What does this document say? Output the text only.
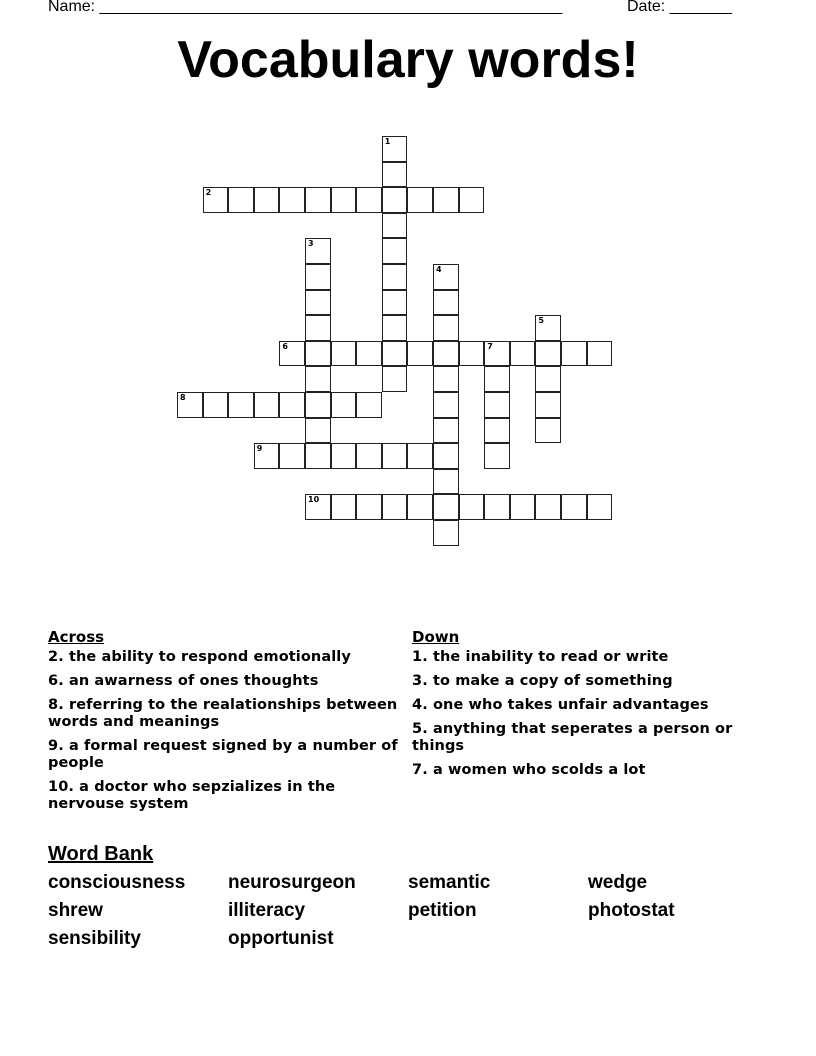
Name: ____________________________________________________	Date: _______
Vocabulary words!
1
2
3
4
5
6	7
8
9
10
Across
2. the ability to respond emotionally
6. an awarness of ones thoughts
8. referring to the realationships between words and meanings
9. a formal request signed by a number of people
10. a doctor who sepzializes in the nervouse system
Down
1. the inability to read or write
3. to make a copy of something
4. one who takes unfair advantages
5. anything that seperates a person or things
7. a women who scolds a lot
Word Bank
consciousness	neurosurgeon	semantic	wedge
shrew	illiteracy	petition	photostat
sensibility	opportunist
